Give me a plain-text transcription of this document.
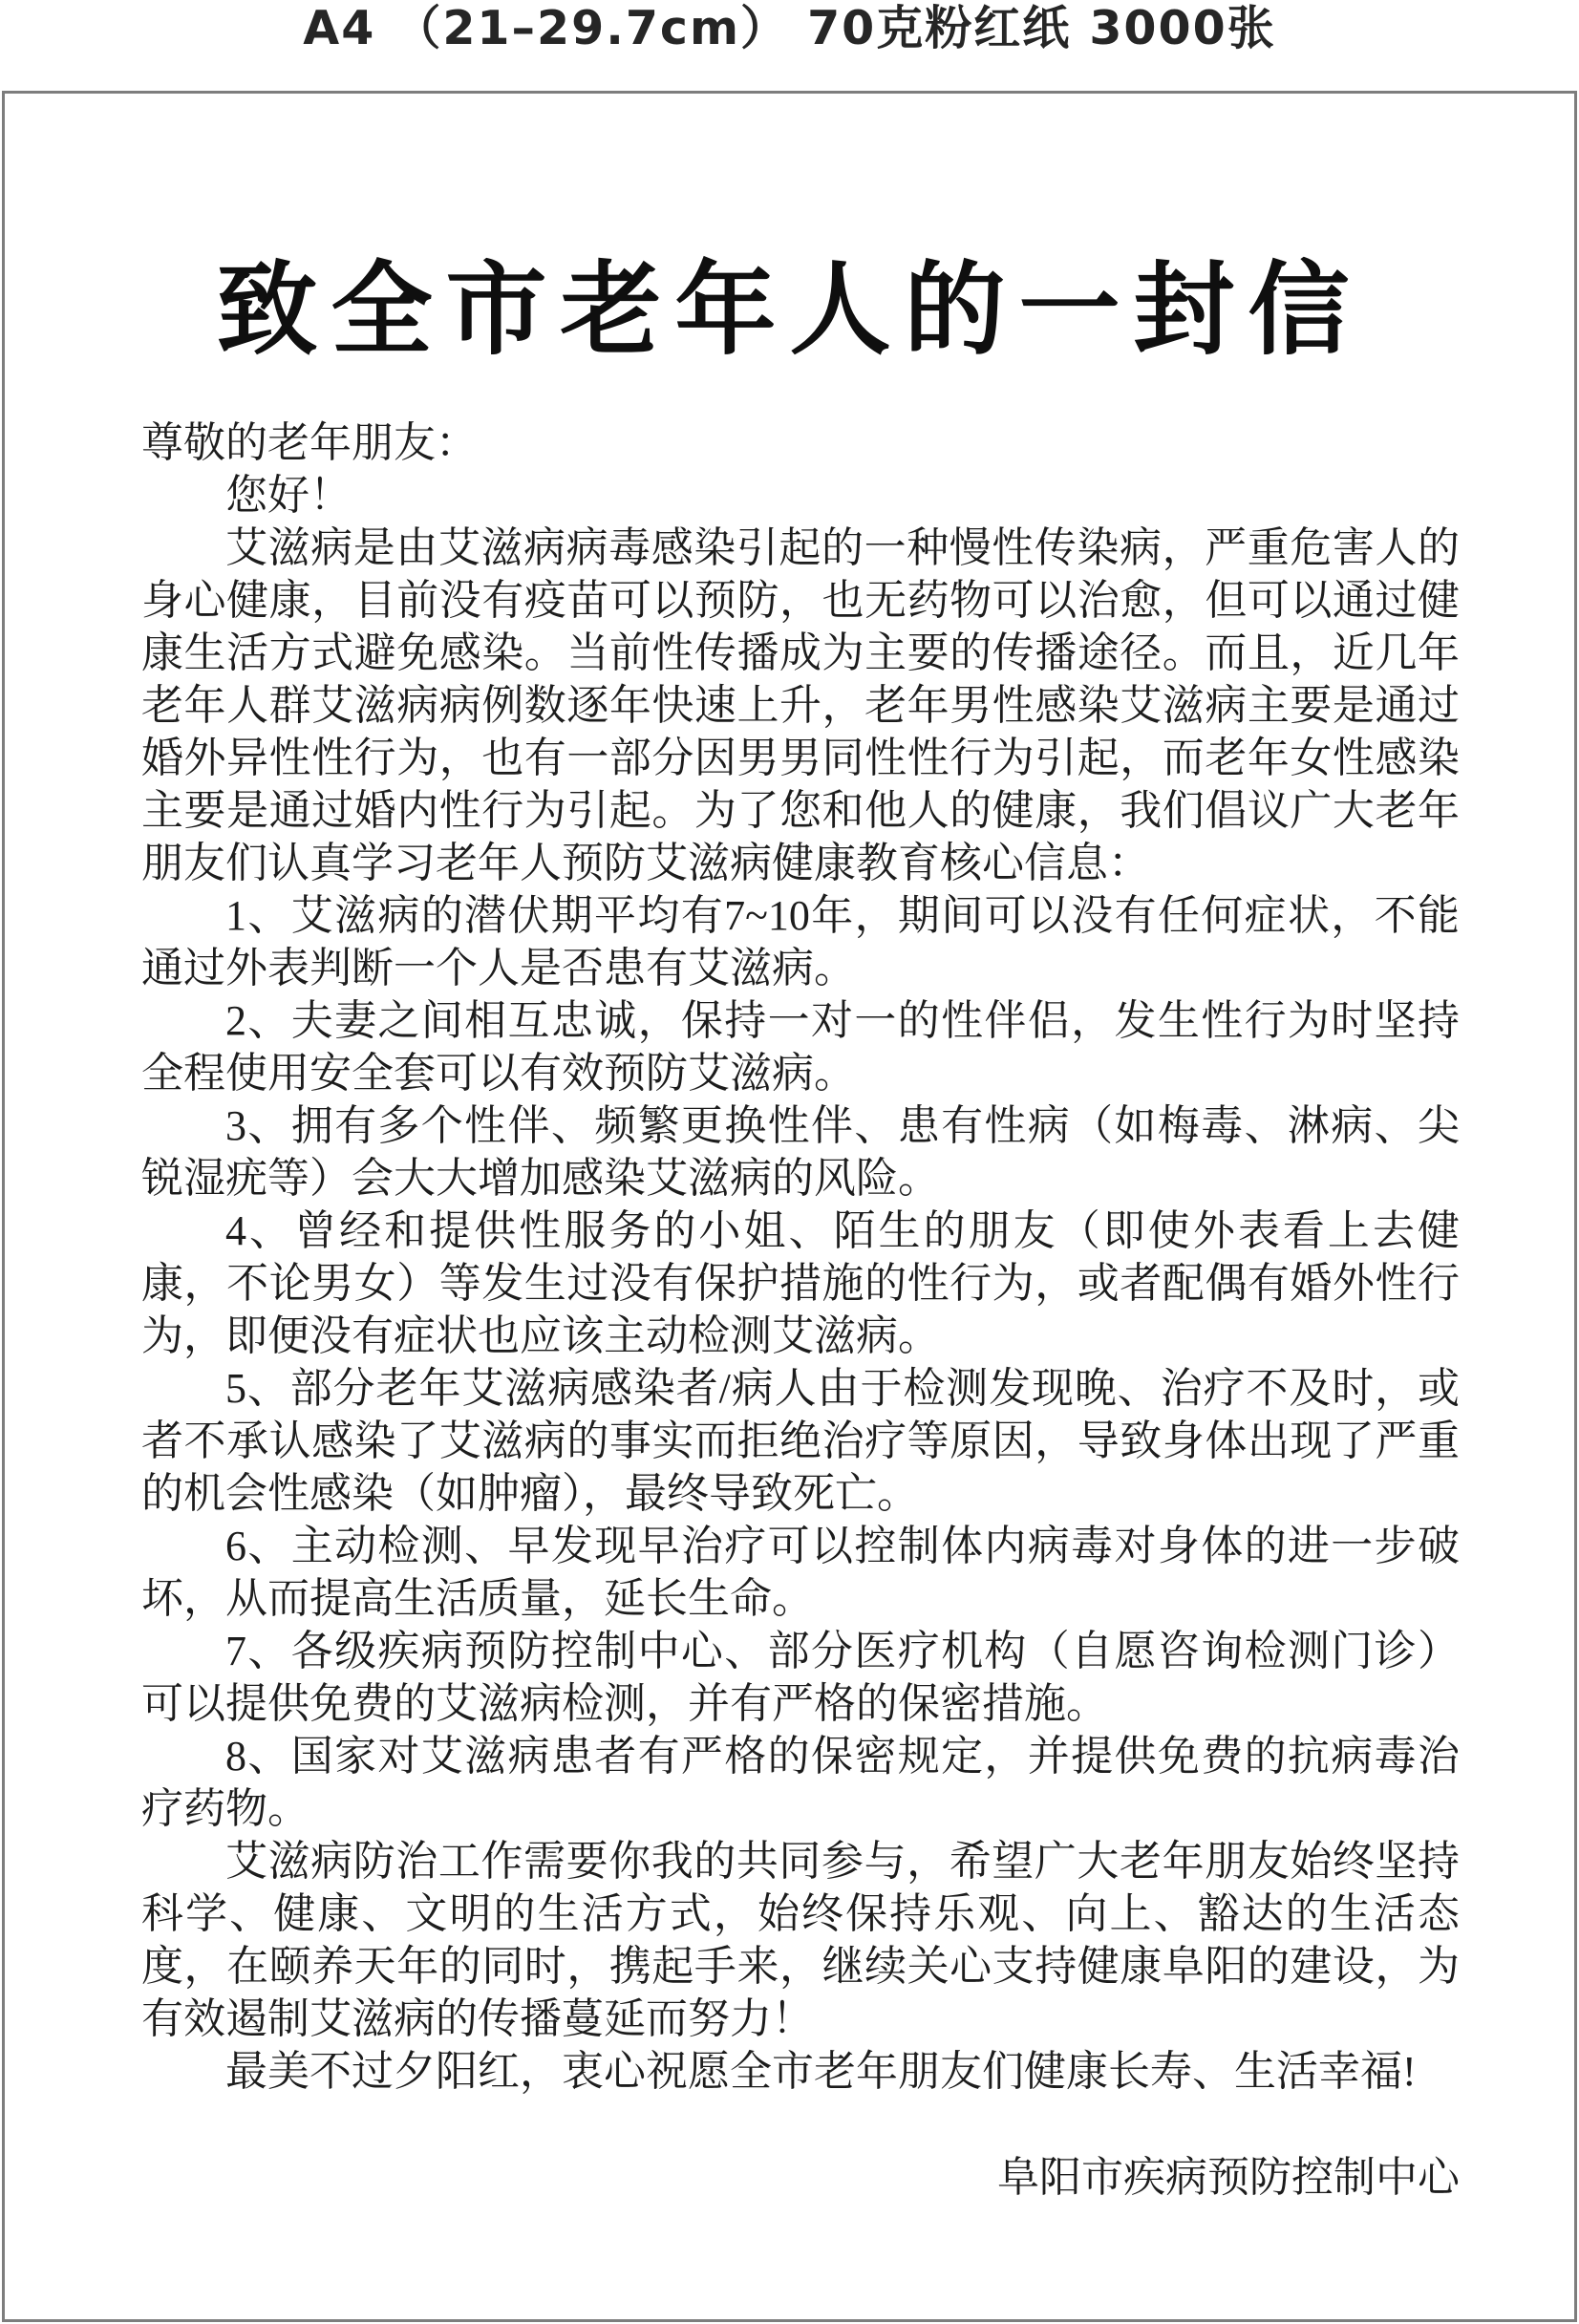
A4 （21–29.7cm） 70克粉红纸 3000张
致全市老年人的一封信

尊敬的老年朋友：

您好！

艾滋病是由艾滋病病毒感染引起的一种慢性传染病，严重危害人的身心健康，目前没有疫苗可以预防，也无药物可以治愈，但可以通过健康生活方式避免感染。当前性传播成为主要的传播途径。而且，近几年老年人群艾滋病病例数逐年快速上升，老年男性感染艾滋病主要是通过婚外异性性行为，也有一部分因男男同性性行为引起，而老年女性感染主要是通过婚内性行为引起。为了您和他人的健康，我们倡议广大老年朋友们认真学习老年人预防艾滋病健康教育核心信息：

1、艾滋病的潜伏期平均有7~10年，期间可以没有任何症状，不能通过外表判断一个人是否患有艾滋病。

2、夫妻之间相互忠诚，保持一对一的性伴侣，发生性行为时坚持全程使用安全套可以有效预防艾滋病。

3、拥有多个性伴、频繁更换性伴、患有性病（如梅毒、淋病、尖锐湿疣等）会大大增加感染艾滋病的风险。

4、曾经和提供性服务的小姐、陌生的朋友（即使外表看上去健康，不论男女）等发生过没有保护措施的性行为，或者配偶有婚外性行为，即便没有症状也应该主动检测艾滋病。

5、部分老年艾滋病感染者/病人由于检测发现晚、治疗不及时，或者不承认感染了艾滋病的事实而拒绝治疗等原因，导致身体出现了严重的机会性感染（如肿瘤），最终导致死亡。

6、主动检测、早发现早治疗可以控制体内病毒对身体的进一步破坏，从而提高生活质量，延长生命。

7、各级疾病预防控制中心、部分医疗机构（自愿咨询检测门诊）可以提供免费的艾滋病检测，并有严格的保密措施。

8、国家对艾滋病患者有严格的保密规定，并提供免费的抗病毒治疗药物。

艾滋病防治工作需要你我的共同参与，希望广大老年朋友始终坚持科学、健康、文明的生活方式，始终保持乐观、向上、豁达的生活态度，在颐养天年的同时，携起手来，继续关心支持健康阜阳的建设，为有效遏制艾滋病的传播蔓延而努力！

最美不过夕阳红，衷心祝愿全市老年朋友们健康长寿、生活幸福!

阜阳市疾病预防控制中心
